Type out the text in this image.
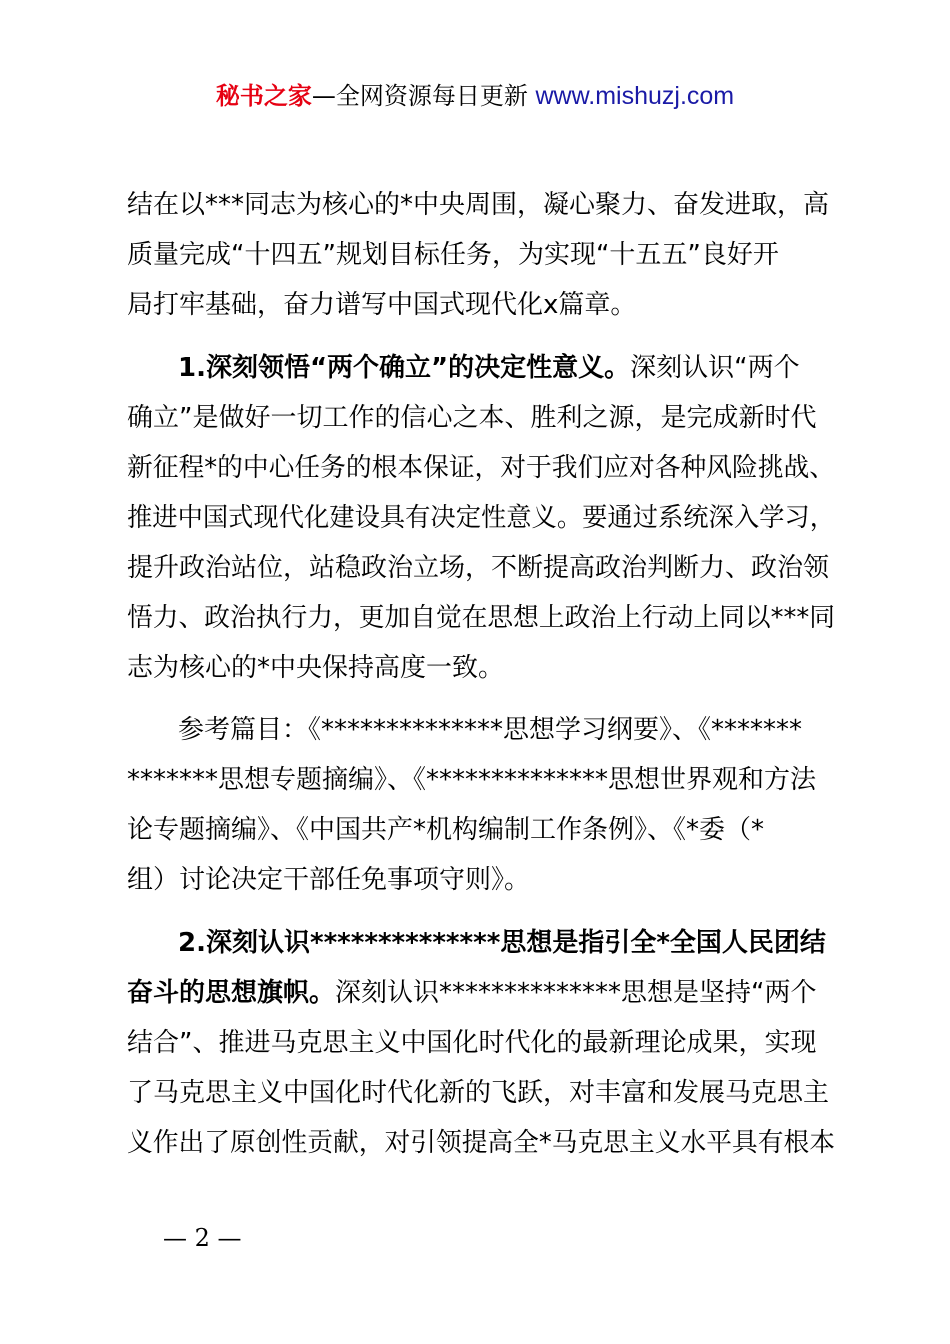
秘书之家—全网资源每日更新 www.mishuzj.com
结在以***同志为核心的*中央周围，凝心聚力、奋发进取，高
质量完成“十四五”规划目标任务，为实现“十五五”良好开
局打牢基础，奋力谱写中国式现代化x篇章。
1.深刻领悟“两个确立”的决定性意义。深刻认识“两个
确立”是做好一切工作的信心之本、胜利之源，是完成新时代
新征程*的中心任务的根本保证，对于我们应对各种风险挑战、
推进中国式现代化建设具有决定性意义。要通过系统深入学习，
提升政治站位，站稳政治立场，不断提高政治判断力、政治领
悟力、政治执行力，更加自觉在思想上政治上行动上同以***同
志为核心的*中央保持高度一致。
参考篇目：《**************思想学习纲要》、《*******
*******思想专题摘编》、《**************思想世界观和方法
论专题摘编》、《中国共产*机构编制工作条例》、《*委（*
组）讨论决定干部任免事项守则》。
2.深刻认识**************思想是指引全*全国人民团结
奋斗的思想旗帜。深刻认识**************思想是坚持“两个
结合”、推进马克思主义中国化时代化的最新理论成果，实现
了马克思主义中国化时代化新的飞跃，对丰富和发展马克思主
义作出了原创性贡献，对引领提高全*马克思主义水平具有根本
— 2 —
